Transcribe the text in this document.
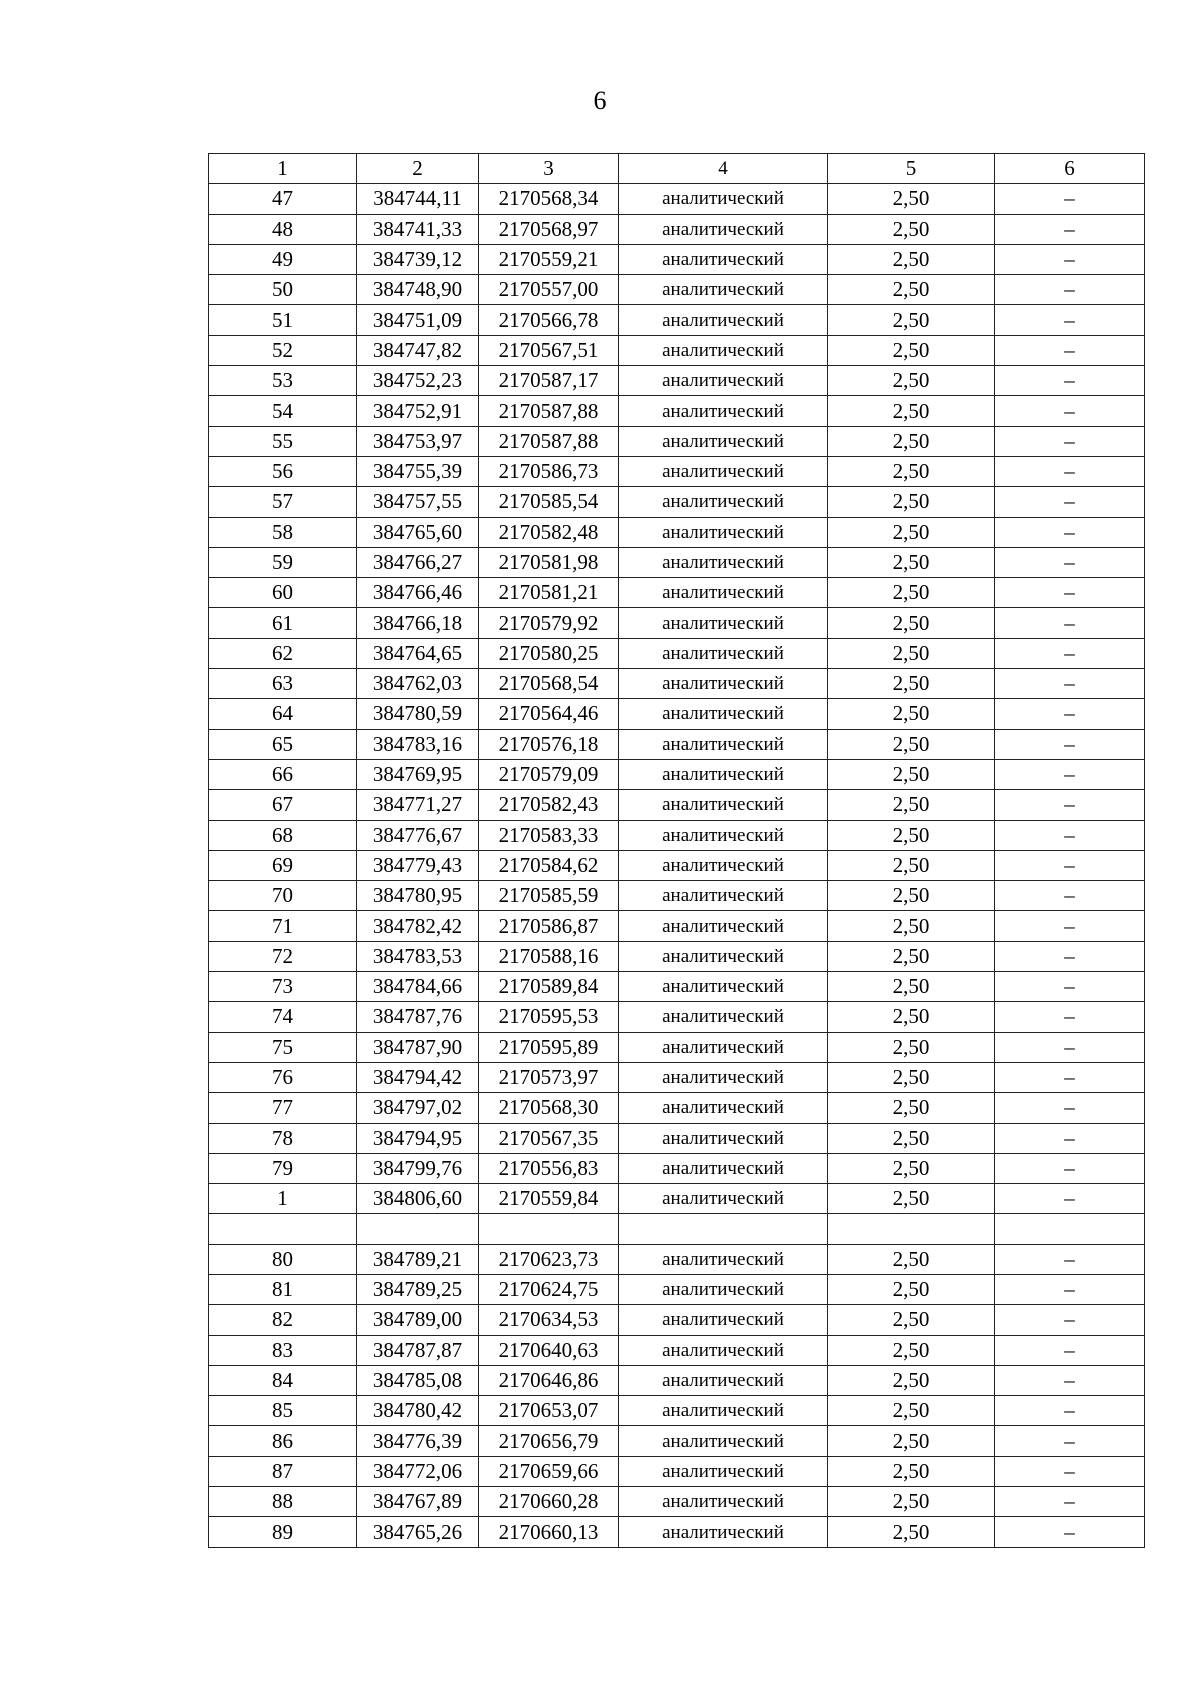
6
1	2	3	4	5	6
47	384744,11	2170568,34	аналитический	2,50	–
48	384741,33	2170568,97	аналитический	2,50	–
49	384739,12	2170559,21	аналитический	2,50	–
50	384748,90	2170557,00	аналитический	2,50	–
51	384751,09	2170566,78	аналитический	2,50	–
52	384747,82	2170567,51	аналитический	2,50	–
53	384752,23	2170587,17	аналитический	2,50	–
54	384752,91	2170587,88	аналитический	2,50	–
55	384753,97	2170587,88	аналитический	2,50	–
56	384755,39	2170586,73	аналитический	2,50	–
57	384757,55	2170585,54	аналитический	2,50	–
58	384765,60	2170582,48	аналитический	2,50	–
59	384766,27	2170581,98	аналитический	2,50	–
60	384766,46	2170581,21	аналитический	2,50	–
61	384766,18	2170579,92	аналитический	2,50	–
62	384764,65	2170580,25	аналитический	2,50	–
63	384762,03	2170568,54	аналитический	2,50	–
64	384780,59	2170564,46	аналитический	2,50	–
65	384783,16	2170576,18	аналитический	2,50	–
66	384769,95	2170579,09	аналитический	2,50	–
67	384771,27	2170582,43	аналитический	2,50	–
68	384776,67	2170583,33	аналитический	2,50	–
69	384779,43	2170584,62	аналитический	2,50	–
70	384780,95	2170585,59	аналитический	2,50	–
71	384782,42	2170586,87	аналитический	2,50	–
72	384783,53	2170588,16	аналитический	2,50	–
73	384784,66	2170589,84	аналитический	2,50	–
74	384787,76	2170595,53	аналитический	2,50	–
75	384787,90	2170595,89	аналитический	2,50	–
76	384794,42	2170573,97	аналитический	2,50	–
77	384797,02	2170568,30	аналитический	2,50	–
78	384794,95	2170567,35	аналитический	2,50	–
79	384799,76	2170556,83	аналитический	2,50	–
1	384806,60	2170559,84	аналитический	2,50	–

80	384789,21	2170623,73	аналитический	2,50	–
81	384789,25	2170624,75	аналитический	2,50	–
82	384789,00	2170634,53	аналитический	2,50	–
83	384787,87	2170640,63	аналитический	2,50	–
84	384785,08	2170646,86	аналитический	2,50	–
85	384780,42	2170653,07	аналитический	2,50	–
86	384776,39	2170656,79	аналитический	2,50	–
87	384772,06	2170659,66	аналитический	2,50	–
88	384767,89	2170660,28	аналитический	2,50	–
89	384765,26	2170660,13	аналитический	2,50	–
